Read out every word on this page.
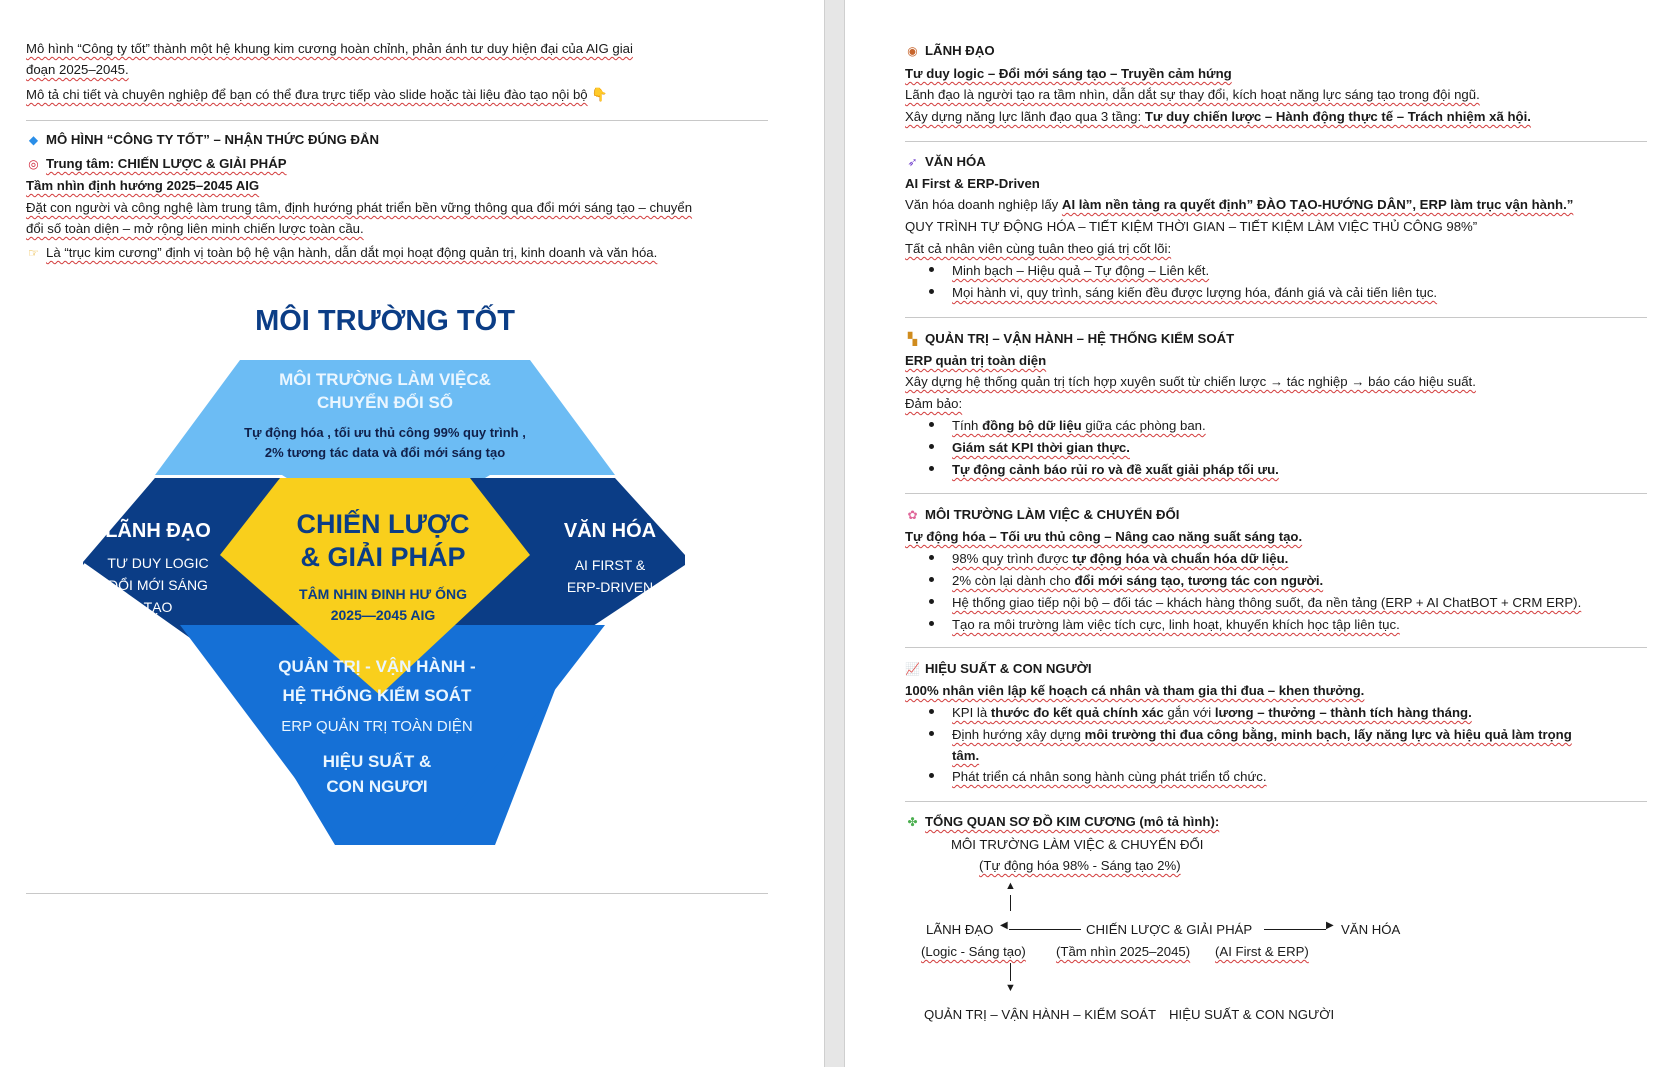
Mô hình “Công ty tốt” thành một hệ khung kim cương hoàn chỉnh, phản ánh tư duy hiện đại của AIG giai
đoạn 2025–2045.
Mô tả chi tiết và chuyên nghiệp để bạn có thể đưa trực tiếp vào slide hoặc tài liệu đào tạo nội bộ 👇
◆ MÔ HÌNH “CÔNG TY TỐT” – NHẬN THỨC ĐÚNG ĐẮN
◎ Trung tâm: CHIẾN LƯỢC & GIẢI PHÁP
Tầm nhìn định hướng 2025–2045 AIG
Đặt con người và công nghệ làm trung tâm, định hướng phát triển bền vững thông qua đổi mới sáng tạo – chuyển
đổi số toàn diện – mở rộng liên minh chiến lược toàn cầu.
☞ Là “trục kim cương” định vị toàn bộ hệ vận hành, dẫn dắt mọi hoạt động quản trị, kinh doanh và văn hóa.
MÔI TRƯỜNG TỐT
MÔI TRƯỜNG LÀM VIỆC&
CHUYỂN ĐỔI SỐ
Tự động hóa , tối ưu thủ công 99% quy trình ,
2% tương tác data và đổi mới sáng tạo
LÃNH ĐẠO
TƯ DUY LOGIC
ĐỔI MỚI SÁNG
TẠO
VĂN HÓA
AI FIRST &
ERP-DRIVEN
CHIẾN LƯỢC
& GIẢI PHÁP
TÂM NHIN ĐINH HƯ ỐNG
2025—2045 AIG
QUẢN TRỊ - VẬN HÀNH -
HỆ THỐNG KIỂM SOÁT
ERP QUẢN TRỊ TOÀN DIỆN
HIỆU SUẤT &
CON NGƯƠI
◉ LÃNH ĐẠO
Tư duy logic – Đổi mới sáng tạo – Truyền cảm hứng
Lãnh đạo là người tạo ra tầm nhìn, dẫn dắt sự thay đổi, kích hoạt năng lực sáng tạo trong đội ngũ.
Xây dựng năng lực lãnh đạo qua 3 tầng: Tư duy chiến lược – Hành động thực tế – Trách nhiệm xã hội.
➶ VĂN HÓA
AI First & ERP-Driven
Văn hóa doanh nghiệp lấy AI làm nền tảng ra quyết định” ĐÀO TẠO-HƯỚNG DÂN”, ERP làm trục vận hành.”
QUY TRÌNH TỰ ĐỘNG HÓA – TIẾT KIỆM THỜI GIAN – TIẾT KIỆM LÀM VIỆC THỦ CÔNG 98%”
Tất cả nhân viên cùng tuân theo giá trị cốt lõi:
Minh bạch – Hiệu quả – Tự động – Liên kết.
Mọi hành vi, quy trình, sáng kiến đều được lượng hóa, đánh giá và cải tiến liên tục.
▚ QUẢN TRỊ – VẬN HÀNH – HỆ THỐNG KIỂM SOÁT
ERP quản trị toàn diện
Xây dựng hệ thống quản trị tích hợp xuyên suốt từ chiến lược → tác nghiệp → báo cáo hiệu suất.
Đảm bảo:
Tính đồng bộ dữ liệu giữa các phòng ban.
Giám sát KPI thời gian thực.
Tự động cảnh báo rủi ro và đề xuất giải pháp tối ưu.
✿ MÔI TRƯỜNG LÀM VIỆC & CHUYỂN ĐỔI
Tự động hóa – Tối ưu thủ công – Nâng cao năng suất sáng tạo.
98% quy trình được tự động hóa và chuẩn hóa dữ liệu.
2% còn lại dành cho đổi mới sáng tạo, tương tác con người.
Hệ thống giao tiếp nội bộ – đối tác – khách hàng thông suốt, đa nền tảng (ERP + AI ChatBOT + CRM ERP).
Tạo ra môi trường làm việc tích cực, linh hoạt, khuyến khích học tập liên tục.
📈 HIỆU SUẤT & CON NGƯỜI
100% nhân viên lập kế hoạch cá nhân và tham gia thi đua – khen thưởng.
KPI là thước đo kết quả chính xác gắn với lương – thưởng – thành tích hàng tháng.
Định hướng xây dựng môi trường thi đua công bằng, minh bạch, lấy năng lực và hiệu quả làm trọng
tâm.
Phát triển cá nhân song hành cùng phát triển tổ chức.
✤ TỔNG QUAN SƠ ĐỒ KIM CƯƠNG (mô tả hình):
MÔI TRƯỜNG LÀM VIỆC & CHUYỂN ĐỔI
(Tự động hóa 98% - Sáng tạo 2%)
▲
LÃNH ĐẠO ◀	CHIẾN LƯỢC & GIẢI PHÁP	▶ VĂN HÓA
(Logic - Sáng tạo) (Tầm nhìn 2025–2045) (AI First & ERP)
▼
QUẢN TRỊ – VẬN HÀNH – KIỂM SOÁT HIỆU SUẤT & CON NGƯỜI
